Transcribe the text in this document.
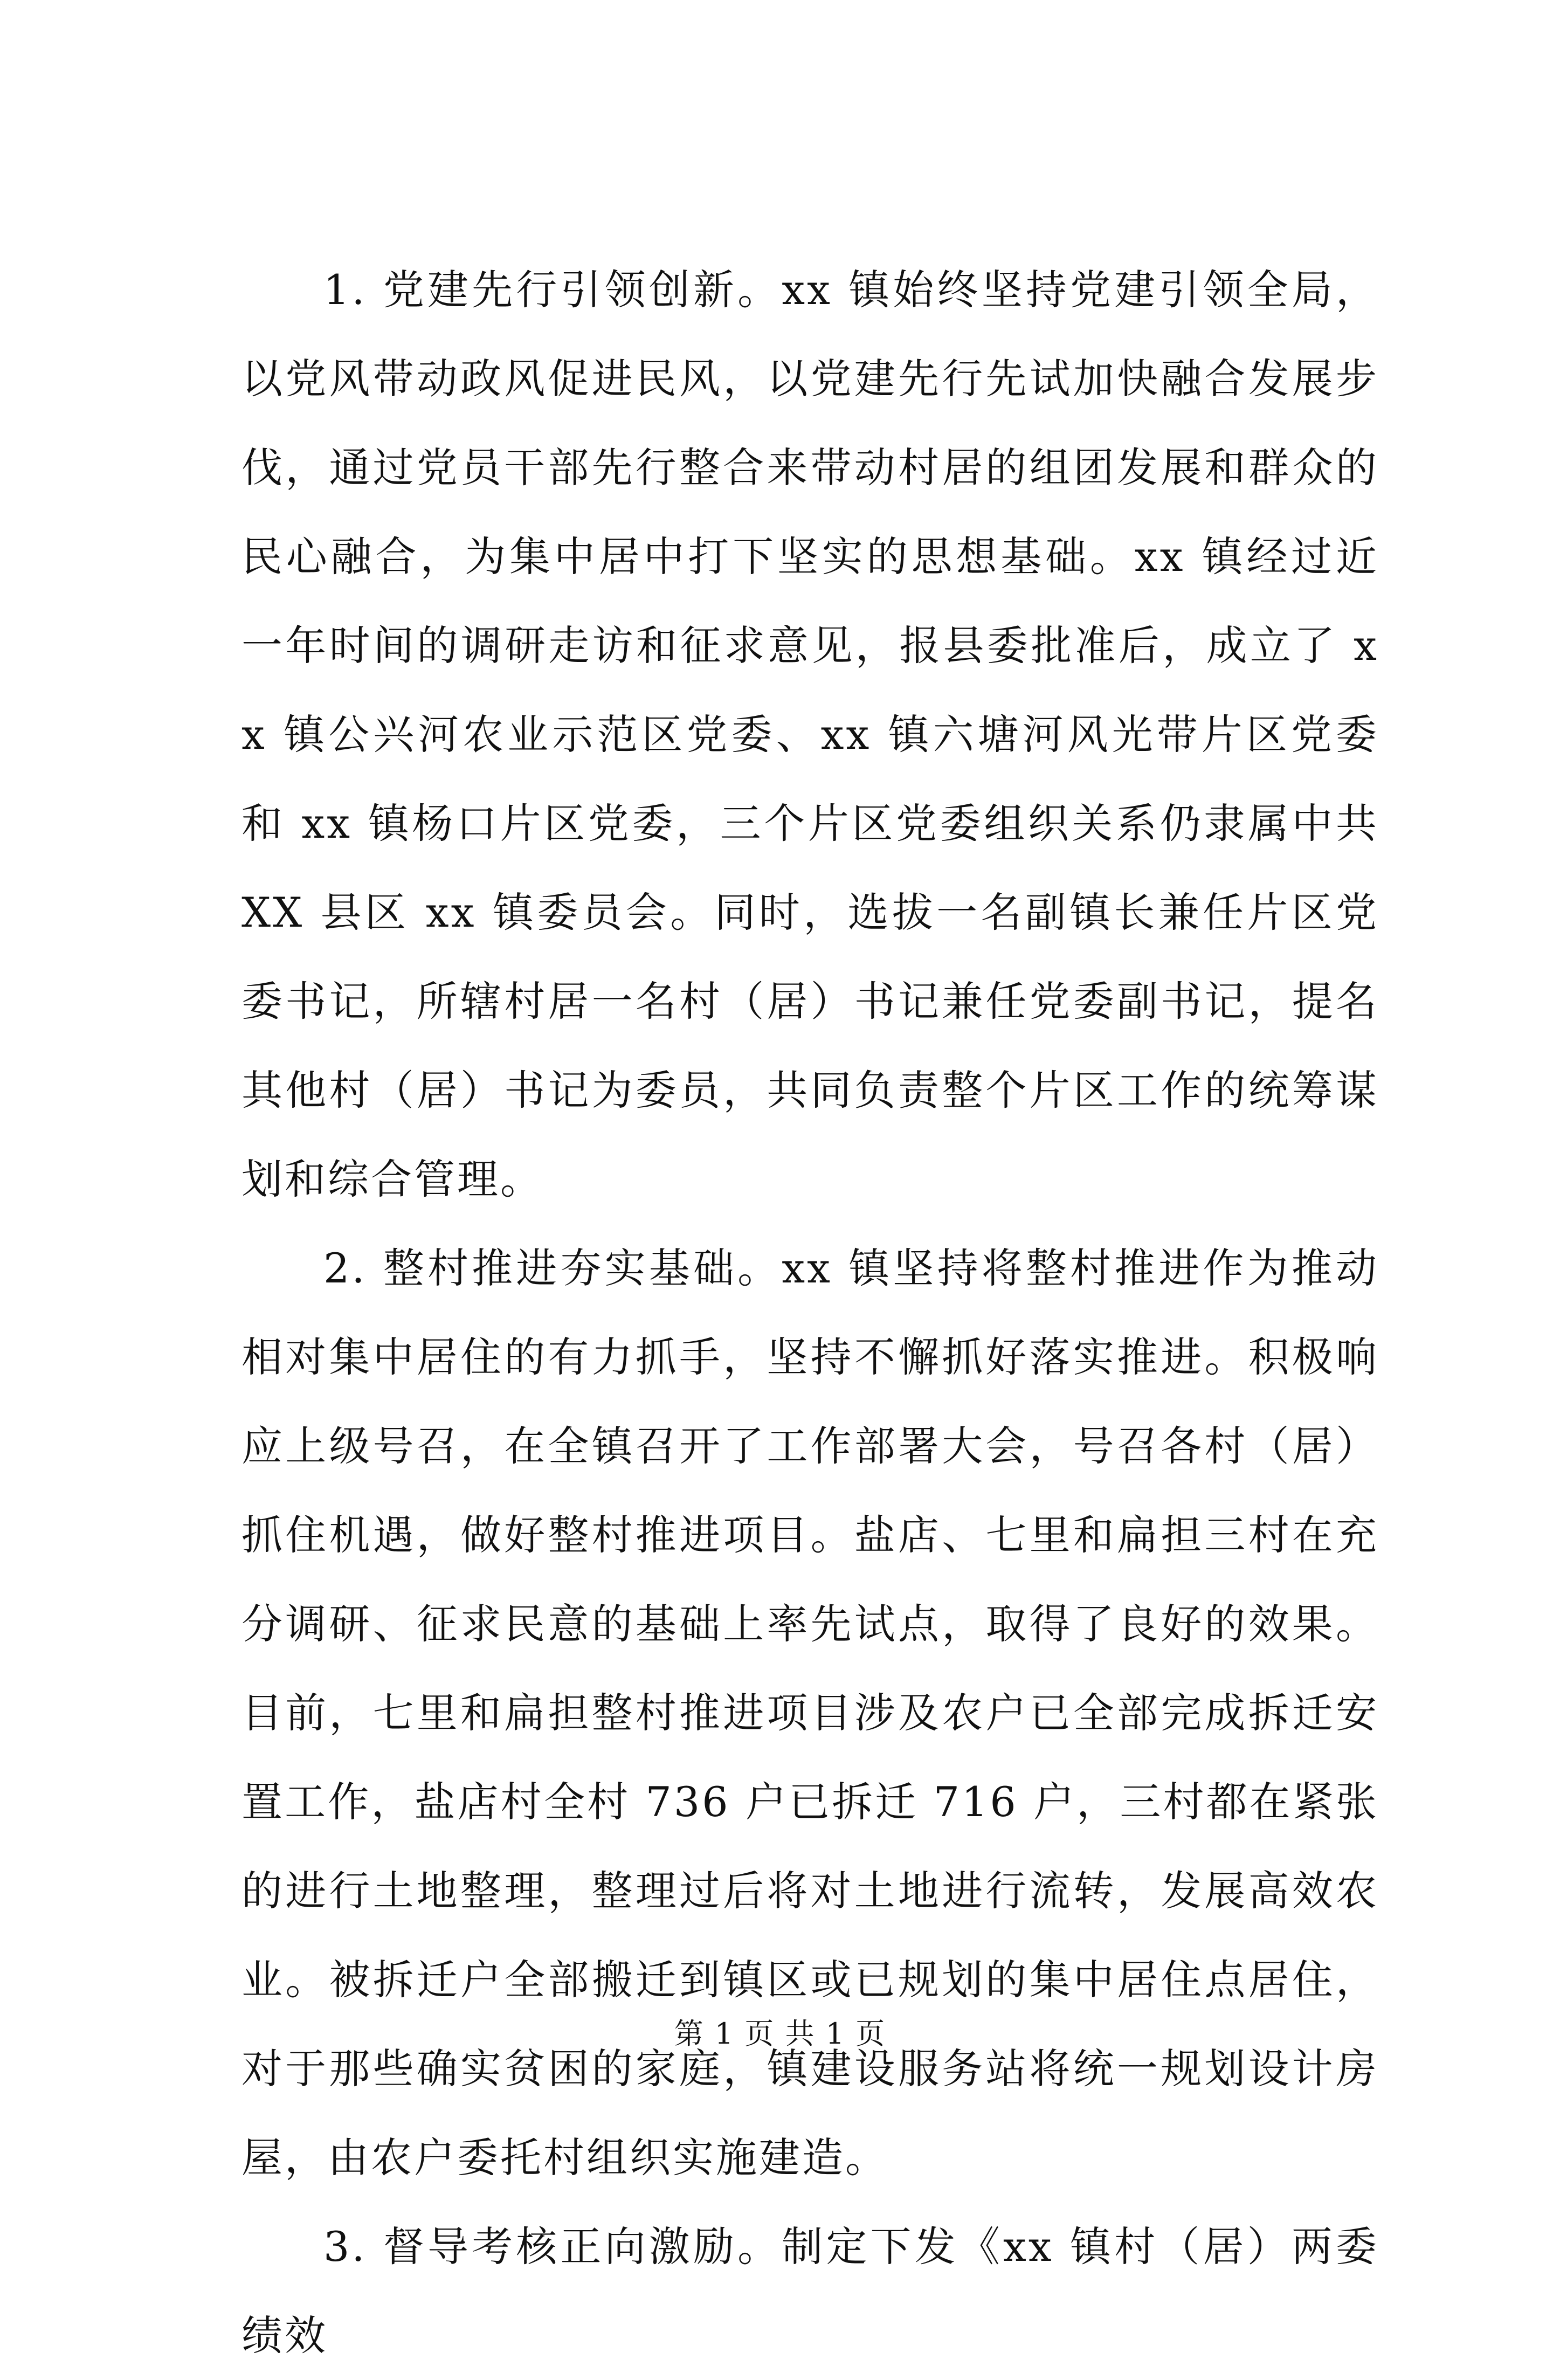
1. 党建先行引领创新。xx 镇始终坚持党建引领全局，以党风带动政风促进民风，以党建先行先试加快融合发展步伐，通过党员干部先行整合来带动村居的组团发展和群众的民心融合，为集中居中打下坚实的思想基础。xx 镇经过近一年时间的调研走访和征求意见，报县委批准后，成立了 xx 镇公兴河农业示范区党委、xx 镇六塘河风光带片区党委和 xx 镇杨口片区党委，三个片区党委组织关系仍隶属中共 XX 县区 xx 镇委员会。同时，选拔一名副镇长兼任片区党委书记，所辖村居一名村（居）书记兼任党委副书记，提名其他村（居）书记为委员，共同负责整个片区工作的统筹谋划和综合管理。

2. 整村推进夯实基础。xx 镇坚持将整村推进作为推动相对集中居住的有力抓手，坚持不懈抓好落实推进。积极响应上级号召，在全镇召开了工作部署大会，号召各村（居）抓住机遇，做好整村推进项目。盐店、七里和扁担三村在充分调研、征求民意的基础上率先试点，取得了良好的效果。目前，七里和扁担整村推进项目涉及农户已全部完成拆迁安置工作，盐店村全村 736 户已拆迁 716 户，三村都在紧张的进行土地整理，整理过后将对土地进行流转，发展高效农业。被拆迁户全部搬迁到镇区或已规划的集中居住点居住，对于那些确实贫困的家庭，镇建设服务站将统一规划设计房屋，由农户委托村组织实施建造。

3. 督导考核正向激励。制定下发《xx 镇村（居）两委绩效

第 1 页 共 1 页
